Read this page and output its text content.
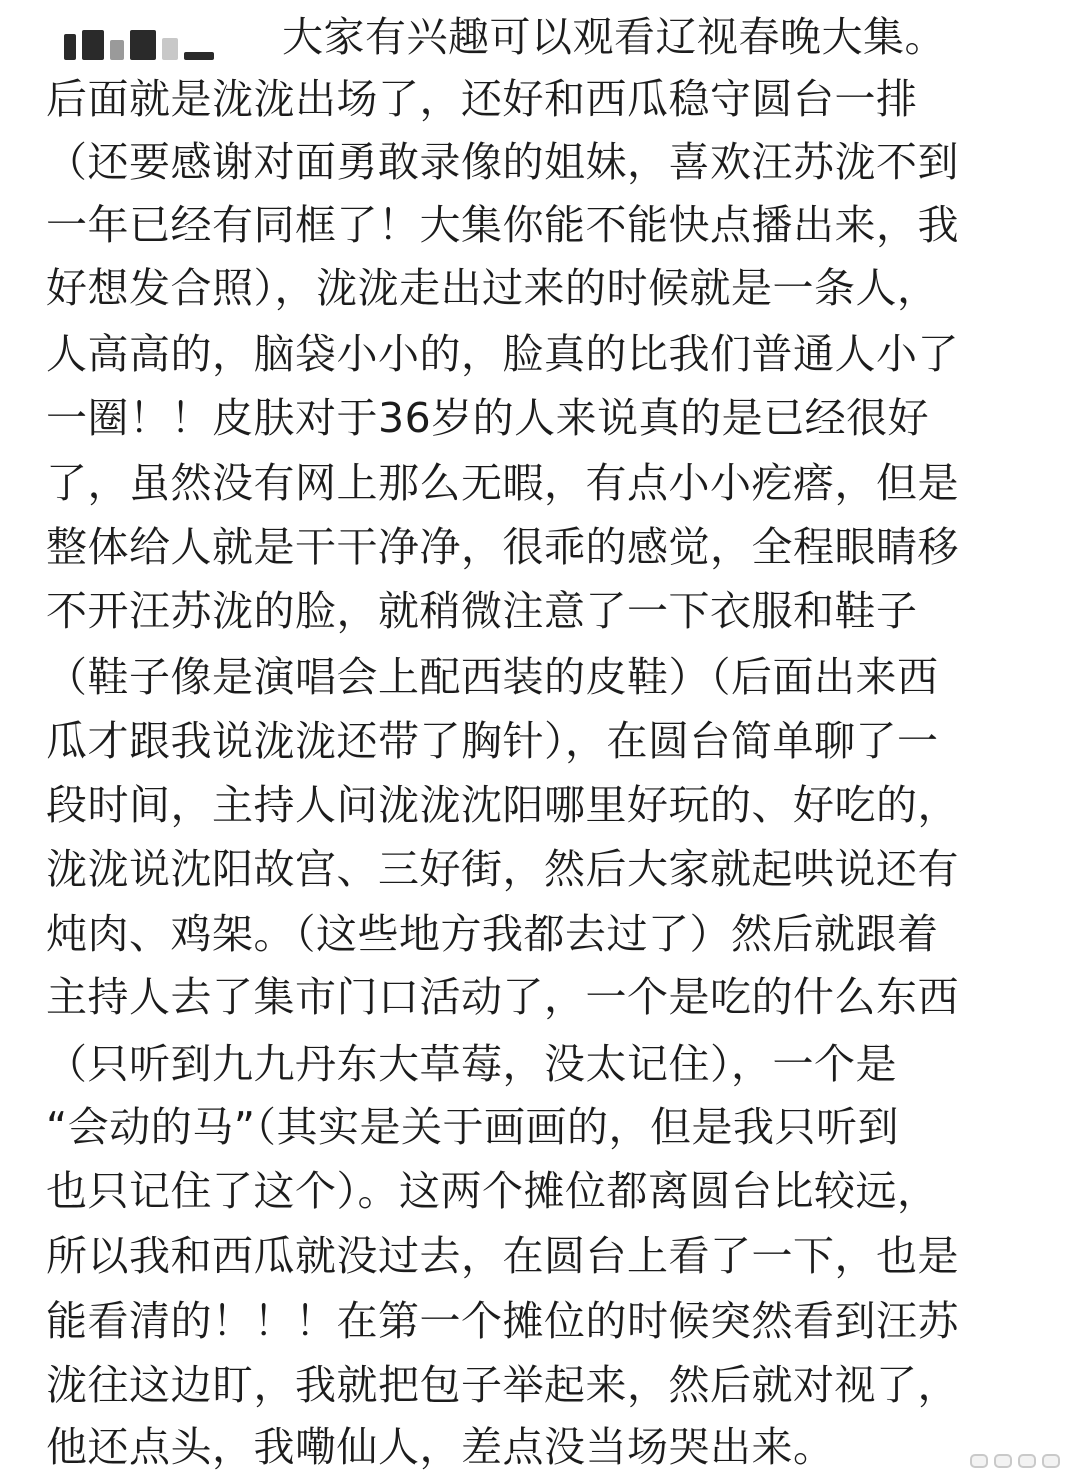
大家有兴趣可以观看辽视春晚大集。
后面就是泷泷出场了，还好和西瓜稳守圆台一排
（还要感谢对面勇敢录像的姐妹，喜欢汪苏泷不到
一年已经有同框了！大集你能不能快点播出来，我
好想发合照），泷泷走出过来的时候就是一条人，
人高高的，脑袋小小的，脸真的比我们普通人小了
一圈！！皮肤对于36岁的人来说真的是已经很好
了，虽然没有网上那么无暇，有点小小疙瘩，但是
整体给人就是干干净净，很乖的感觉，全程眼睛移
不开汪苏泷的脸，就稍微注意了一下衣服和鞋子
（鞋子像是演唱会上配西装的皮鞋）（后面出来西
瓜才跟我说泷泷还带了胸针），在圆台简单聊了一
段时间，主持人问泷泷沈阳哪里好玩的、好吃的，
泷泷说沈阳故宫、三好街，然后大家就起哄说还有
炖肉、鸡架。（这些地方我都去过了）然后就跟着
主持人去了集市门口活动了，一个是吃的什么东西
（只听到九九丹东大草莓，没太记住），一个是
“会动的马”（其实是关于画画的，但是我只听到
也只记住了这个）。这两个摊位都离圆台比较远，
所以我和西瓜就没过去，在圆台上看了一下，也是
能看清的！！！在第一个摊位的时候突然看到汪苏
泷往这边盯，我就把包子举起来，然后就对视了，
他还点头，我嘞仙人，差点没当场哭出来。
